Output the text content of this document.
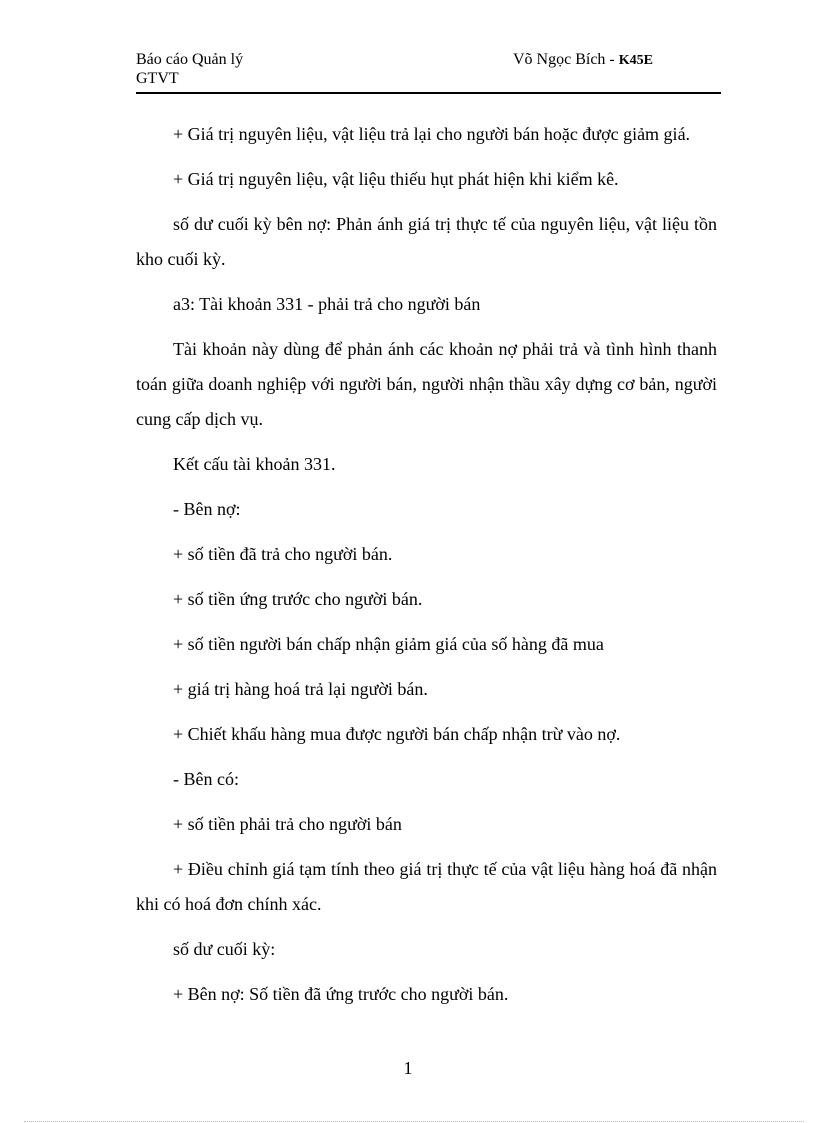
Báo cáo Quản lý
GTVT
Võ Ngọc Bích - K45E

+ Giá trị nguyên liệu, vật liệu trả lại cho người bán hoặc được giảm giá.

+ Giá trị nguyên liệu, vật liệu thiếu hụt phát hiện khi kiểm kê.

số dư cuối kỳ bên nợ: Phản ánh giá trị thực tế của nguyên liệu, vật liệu tồn kho cuối kỳ.

a3: Tài khoản 331 - phải trả cho người bán

Tài khoản này dùng để phản ánh các khoản nợ phải trả và tình hình thanh toán giữa doanh nghiệp với người bán, người nhận thầu xây dựng cơ bản, người cung cấp dịch vụ.

Kết cấu tài khoản 331.

- Bên nợ:

+ số tiền đã trả cho người bán.

+ số tiền ứng trước cho người bán.

+ số tiền người bán chấp nhận giảm giá của số hàng đã mua

+ giá trị hàng hoá trả lại người bán.

+ Chiết khấu hàng mua được người bán chấp nhận trừ vào nợ.

- Bên có:

+ số tiền phải trả cho người bán

+ Điều chỉnh giá tạm tính theo giá trị thực tế của vật liệu hàng hoá đã nhận khi có hoá đơn chính xác.

số dư cuối kỳ:

+ Bên nợ: Số tiền đã ứng trước cho người bán.

1
